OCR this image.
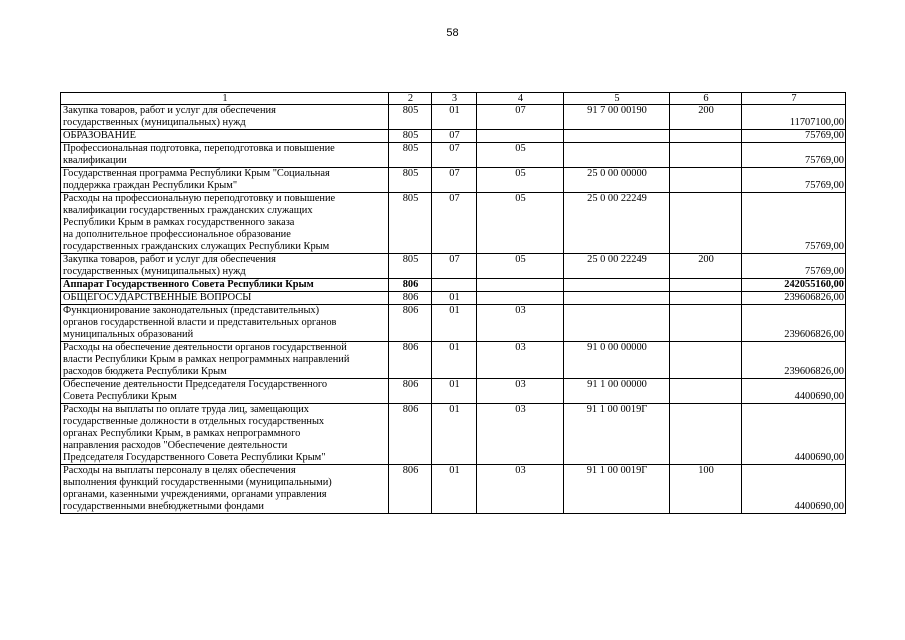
58
1	2	3	4	5	6	7
Закупка товаров, работ и услуг для обеспечения
государственных (муниципальных) нужд	805	01	07	91 7 00 00190	200	11707100,00
ОБРАЗОВАНИЕ	805	07				75769,00
Профессиональная подготовка, переподготовка и повышение
квалификации	805	07	05			75769,00
Государственная программа Республики Крым "Социальная
поддержка граждан Республики Крым"	805	07	05	25 0 00 00000		75769,00
Расходы на профессиональную переподготовку и повышение
квалификации государственных гражданских служащих
Республики Крым в рамках государственного заказа
на дополнительное профессиональное образование
государственных гражданских служащих Республики Крым	805	07	05	25 0 00 22249		75769,00
Закупка товаров, работ и услуг для обеспечения
государственных (муниципальных) нужд	805	07	05	25 0 00 22249	200	75769,00
Аппарат Государственного Совета Республики Крым	806					242055160,00
ОБЩЕГОСУДАРСТВЕННЫЕ ВОПРОСЫ	806	01				239606826,00
Функционирование законодательных (представительных)
органов государственной власти и представительных органов
муниципальных образований	806	01	03			239606826,00
Расходы на обеспечение деятельности органов государственной
власти Республики Крым в рамках непрограммных направлений
расходов бюджета Республики Крым	806	01	03	91 0 00 00000		239606826,00
Обеспечение деятельности Председателя Государственного
Совета Республики Крым	806	01	03	91 1 00 00000		4400690,00
Расходы на выплаты по оплате труда лиц, замещающих
государственные должности в отдельных государственных
органах Республики Крым, в рамках непрограммного
направления расходов "Обеспечение деятельности
Председателя Государственного Совета Республики Крым"	806	01	03	91 1 00 0019Г		4400690,00
Расходы на выплаты персоналу в целях обеспечения
выполнения функций государственными (муниципальными)
органами, казенными учреждениями, органами управления
государственными внебюджетными фондами	806	01	03	91 1 00 0019Г	100	4400690,00
